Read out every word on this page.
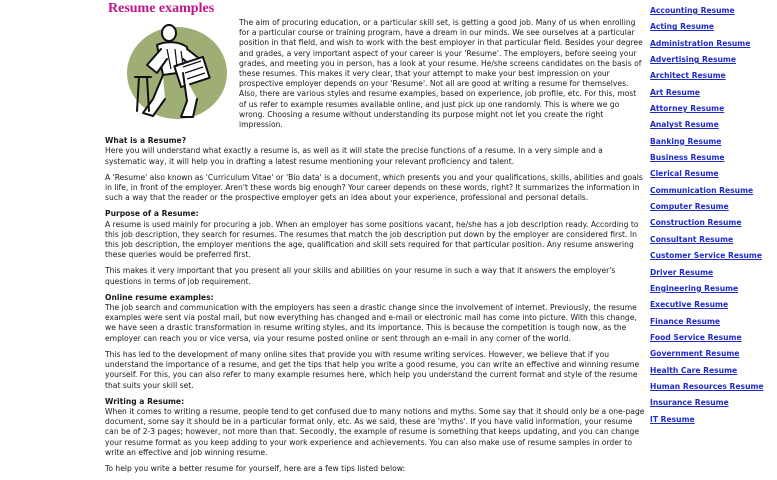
Resume examples

The aim of procuring education, or a particular skill set, is getting a good job. Many of us when enrolling for a particular course or training program, have a dream in our minds. We see ourselves at a particular position in that field, and wish to work with the best employer in that particular field. Besides your degree and grades, a very important aspect of your career is your 'Resume'. The employers, before seeing your grades, and meeting you in person, has a look at your resume. He/she screens candidates on the basis of these resumes. This makes it very clear, that your attempt to make your best impression on your prospective employer depends on your 'Resume'. Not all are good at writing a resume for themselves. Also, there are various styles and resume examples, based on experience, job profile, etc. For this, most of us refer to example resumes available online, and just pick up one randomly. This is where we go wrong. Choosing a resume without understanding its purpose might not let you create the right impression.

What is a Resume?

Here you will understand what exactly a resume is, as well as it will state the precise functions of a resume. In a very simple and a systematic way, it will help you in drafting a latest resume mentioning your relevant proficiency and talent.

A 'Resume' also known as 'Curriculum Vitae' or 'Bio data' is a document, which presents you and your qualifications, skills, abilities and goals in life, in front of the employer. Aren't these words big enough? Your career depends on these words, right? It summarizes the information in such a way that the reader or the prospective employer gets an idea about your experience, professional and personal details.

Purpose of a Resume:

A resume is used mainly for procuring a job. When an employer has some positions vacant, he/she has a job description ready. According to this job description, they search for resumes. The resumes that match the job description put down by the employer are considered first. In this job description, the employer mentions the age, qualification and skill sets required for that particular position. Any resume answering these queries would be preferred first.

This makes it very important that you present all your skills and abilities on your resume in such a way that it answers the employer's questions in terms of job requirement.

Online resume examples:

The job search and communication with the employers has seen a drastic change since the involvement of internet. Previously, the resume examples were sent via postal mail, but now everything has changed and e-mail or electronic mail has come into picture. With this change, we have seen a drastic transformation in resume writing styles, and its importance. This is because the competition is tough now, as the employer can reach you or vice versa, via your resume posted online or sent through an e-mail in any corner of the world.

This has led to the development of many online sites that provide you with resume writing services. However, we believe that if you understand the importance of a resume, and get the tips that help you write a good resume, you can write an effective and winning resume yourself. For this, you can also refer to many example resumes here, which help you understand the current format and style of the resume that suits your skill set.

Writing a Resume:

When it comes to writing a resume, people tend to get confused due to many notions and myths. Some say that it should only be a one-page document, some say it should be in a particular format only, etc. As we said, these are 'myths'. If you have valid information, your resume can be of 2-3 pages; however, not more than that. Secondly, the example of resume is something that keeps updating, and you can change your resume format as you keep adding to your work experience and achievements. You can also make use of resume samples in order to write an effective and job winning resume.

To help you write a better resume for yourself, here are a few tips listed below:

Accounting Resume
Acting Resume
Administration Resume
Advertising Resume
Architect Resume
Art Resume
Attorney Resume
Analyst Resume
Banking Resume
Business Resume
Clerical Resume
Communication Resume
Computer Resume
Construction Resume
Consultant Resume
Customer Service Resume
Driver Resume
Engineering Resume
Executive Resume
Finance Resume
Food Service Resume
Government Resume
Health Care Resume
Human Resources Resume
Insurance Resume
IT Resume
